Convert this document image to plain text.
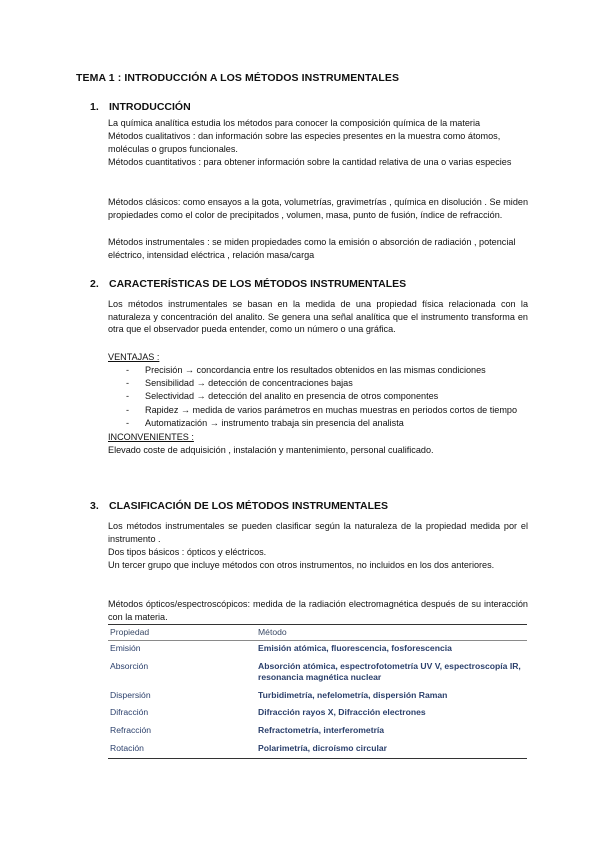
TEMA 1 : INTRODUCCIÓN A LOS MÉTODOS INSTRUMENTALES
1. INTRODUCCIÓN
La química analítica estudia los métodos para conocer la composición química de la materia
Métodos cualitativos : dan información sobre las especies presentes en la muestra como átomos, moléculas o grupos funcionales.
Métodos cuantitativos : para obtener información sobre la cantidad relativa de una o varias especies
Métodos clásicos: como ensayos a la gota, volumetrías, gravimetrías , química en disolución . Se miden propiedades como el color de precipitados , volumen, masa, punto de fusión, índice de refracción.
Métodos instrumentales : se miden propiedades como la emisión o absorción de radiación , potencial eléctrico, intensidad eléctrica , relación masa/carga
2. CARACTERÍSTICAS DE LOS MÉTODOS INSTRUMENTALES
Los métodos instrumentales se basan en la medida de una propiedad física relacionada con la naturaleza y concentración del analito. Se genera una señal analítica que el instrumento transforma en otra que el observador pueda entender, como un número o una gráfica.
VENTAJAS :
- Precisión → concordancia entre los resultados obtenidos en las mismas condiciones
- Sensibilidad → detección de concentraciones bajas
- Selectividad → detección del analito en presencia de otros componentes
- Rapidez → medida de varios parámetros en muchas muestras en periodos cortos de tiempo
- Automatización → instrumento trabaja sin presencia del analista
INCONVENIENTES :
Elevado coste de adquisición , instalación y mantenimiento, personal cualificado.
3. CLASIFICACIÓN DE LOS MÉTODOS INSTRUMENTALES
Los métodos instrumentales se pueden clasificar según la naturaleza de la propiedad medida por el instrumento .
Dos tipos básicos : ópticos y eléctricos.
Un tercer grupo que incluye métodos con otros instrumentos, no incluidos en los dos anteriores.
Métodos ópticos/espectroscópicos: medida de la radiación electromagnética después de su interacción con la materia.
Propiedad	Método
Emisión	Emisión atómica, fluorescencia, fosforescencia
Absorción	Absorción atómica, espectrofotometría UV V, espectroscopía IR, resonancia magnética nuclear
Dispersión	Turbidimetría, nefelometría, dispersión Raman
Difracción	Difracción rayos X, Difracción electrones
Refracción	Refractometría, interferometría
Rotación	Polarimetría, dicroísmo circular
